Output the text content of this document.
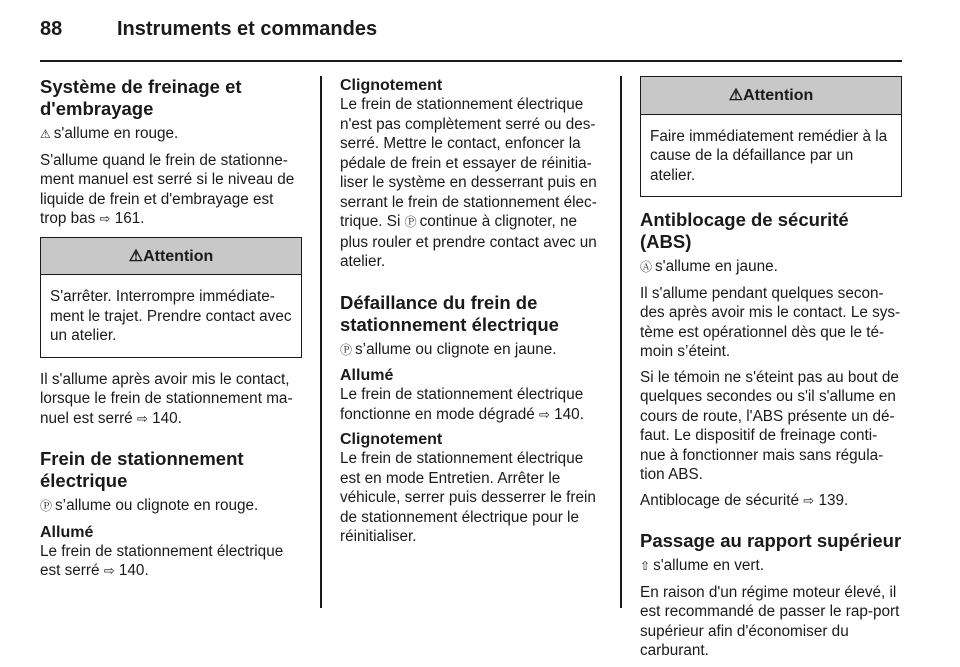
88	Instruments et commandes
Système de freinage et d'embrayage

⚠ s'allume en rouge.

S'allume quand le frein de stationne-ment manuel est serré si le niveau de liquide de frein et d'embrayage est trop bas ⇨ 161.

⚠Attention
S'arrêter. Interrompre immédiate-ment le trajet. Prendre contact avec un atelier.

Il s'allume après avoir mis le contact, lorsque le frein de stationnement ma-nuel est serré ⇨ 140.

Frein de stationnement électrique

Ⓟ s’allume ou clignote en rouge.

Allumé

Le frein de stationnement électrique est serré ⇨ 140.

Clignotement

Le frein de stationnement électrique n'est pas complètement serré ou des-serré. Mettre le contact, enfoncer la pédale de frein et essayer de réinitia-liser le système en desserrant puis en serrant le frein de stationnement élec-trique. Si Ⓟ continue à clignoter, ne plus rouler et prendre contact avec un atelier.

Défaillance du frein de stationnement électrique

Ⓟ s’allume ou clignote en jaune.

Allumé

Le frein de stationnement électrique fonctionne en mode dégradé ⇨ 140.

Clignotement

Le frein de stationnement électrique est en mode Entretien. Arrêter le véhicule, serrer puis desserrer le frein de stationnement électrique pour le réinitialiser.

⚠Attention
Faire immédiatement remédier à la cause de la défaillance par un atelier.
Antiblocage de sécurité (ABS)

Ⓐ s'allume en jaune.

Il s'allume pendant quelques secon-des après avoir mis le contact. Le sys-tème est opérationnel dès que le té-moin s’éteint.

Si le témoin ne s'éteint pas au bout de quelques secondes ou s'il s'allume en cours de route, l'ABS présente un dé-faut. Le dispositif de freinage conti-nue à fonctionner mais sans régula-tion ABS.

Antiblocage de sécurité ⇨ 139.

Passage au rapport supérieur

⇧ s'allume en vert.

En raison d'un régime moteur élevé, il est recommandé de passer le rap-port supérieur afin d'économiser du carburant.
